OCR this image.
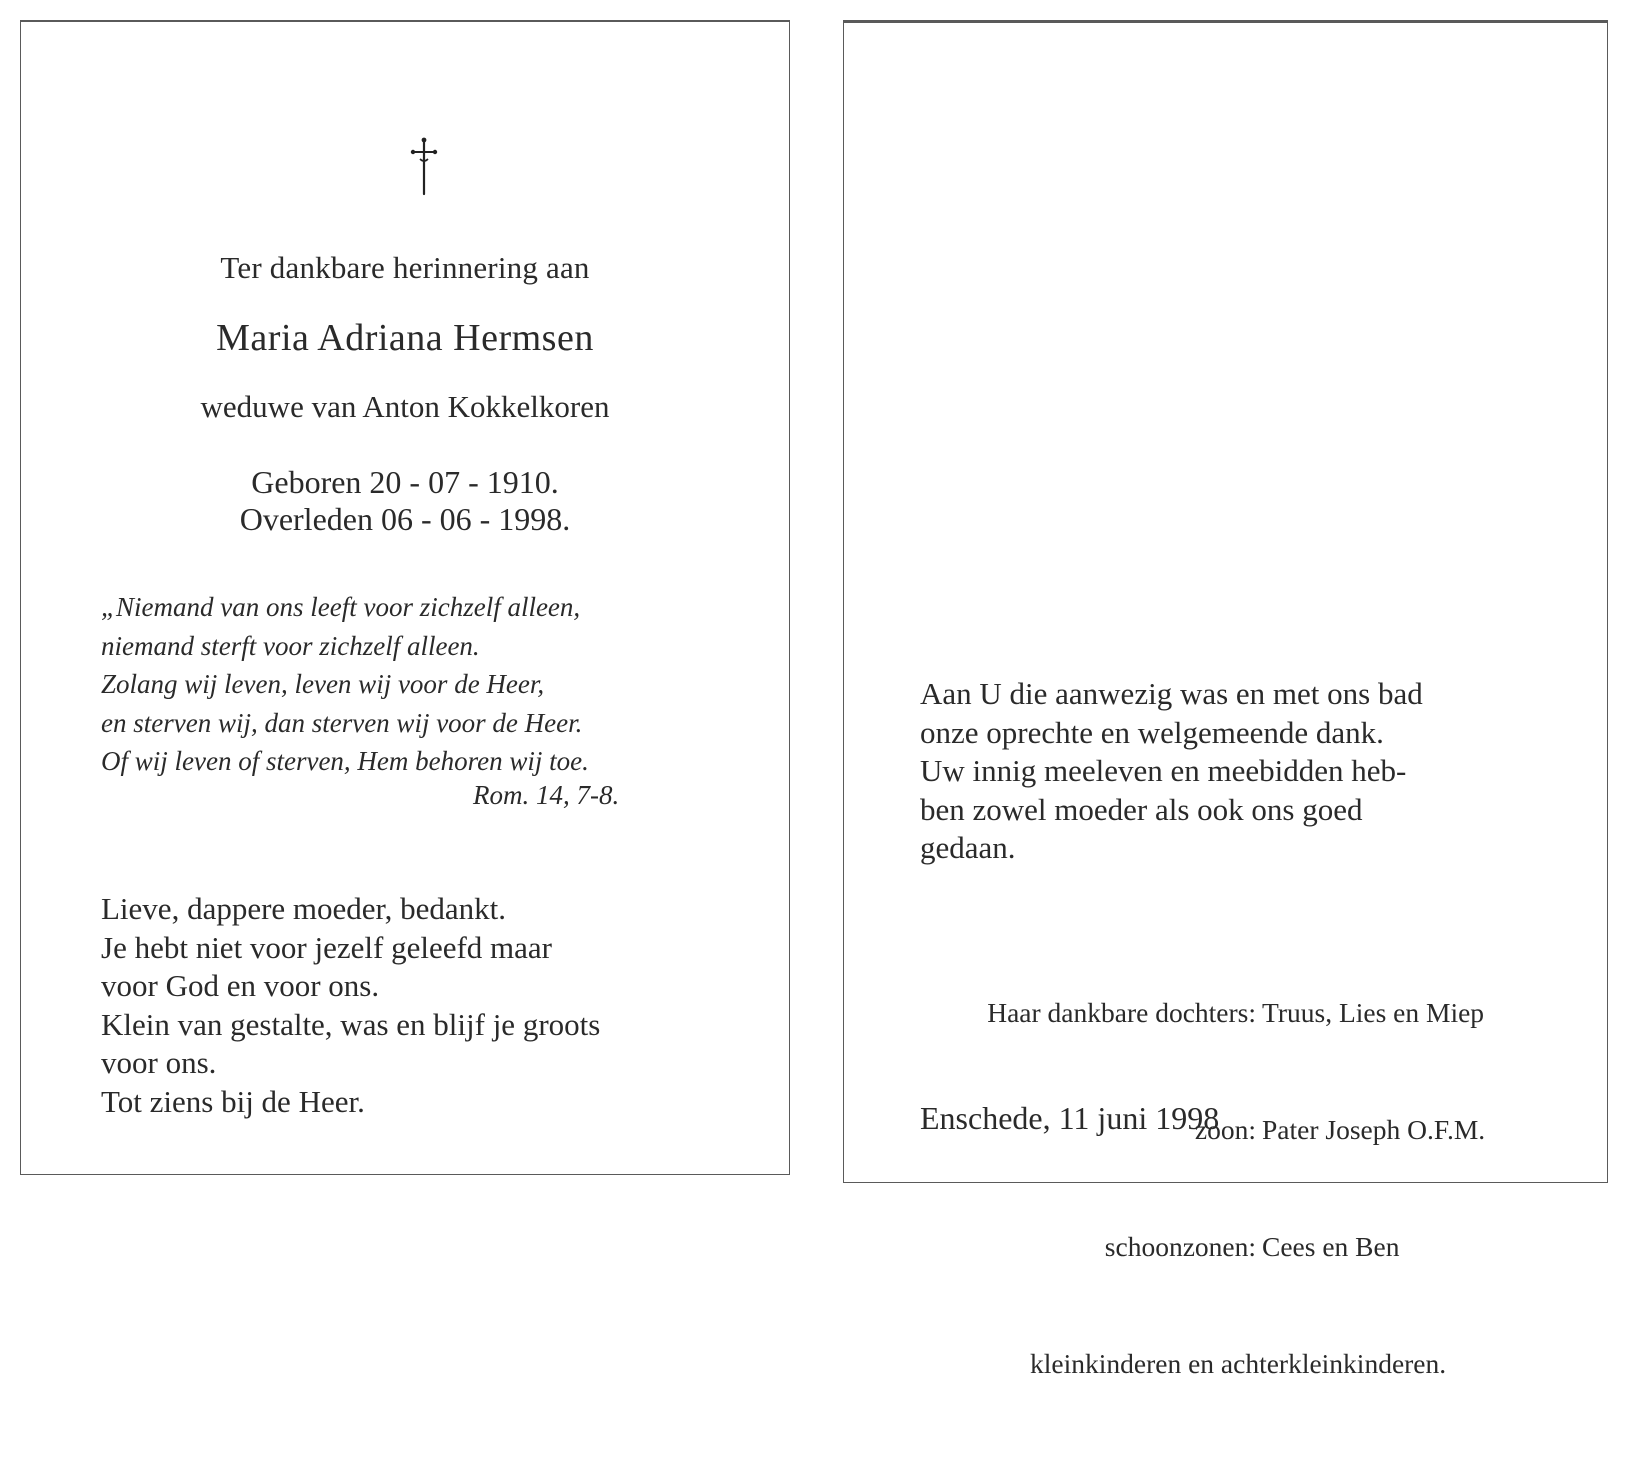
Ter dankbare herinnering aan

Maria Adriana Hermsen

weduwe van Anton Kokkelkoren

Geboren 20 - 07 - 1910.
Overleden 06 - 06 - 1998.

„Niemand van ons leeft voor zichzelf alleen,
niemand sterft voor zichzelf alleen.
Zolang wij leven, leven wij voor de Heer,
en sterven wij, dan sterven wij voor de Heer.
Of wij leven of sterven, Hem behoren wij toe.

Rom. 14, 7-8.

Lieve, dappere moeder, bedankt.
Je hebt niet voor jezelf geleefd maar
voor God en voor ons.
Klein van gestalte, was en blijf je groots
voor ons.
Tot ziens bij de Heer.

Aan U die aanwezig was en met ons bad
onze oprechte en welgemeende dank.
Uw innig meeleven en meebidden heb-
ben zowel moeder als ook ons goed
gedaan.

Haar dankbare dochters: Truus, Lies en Miep

zoon: Pater Joseph O.F.M.

schoonzonen: Cees en Ben

kleinkinderen en achterkleinkinderen.

Enschede, 11 juni 1998
